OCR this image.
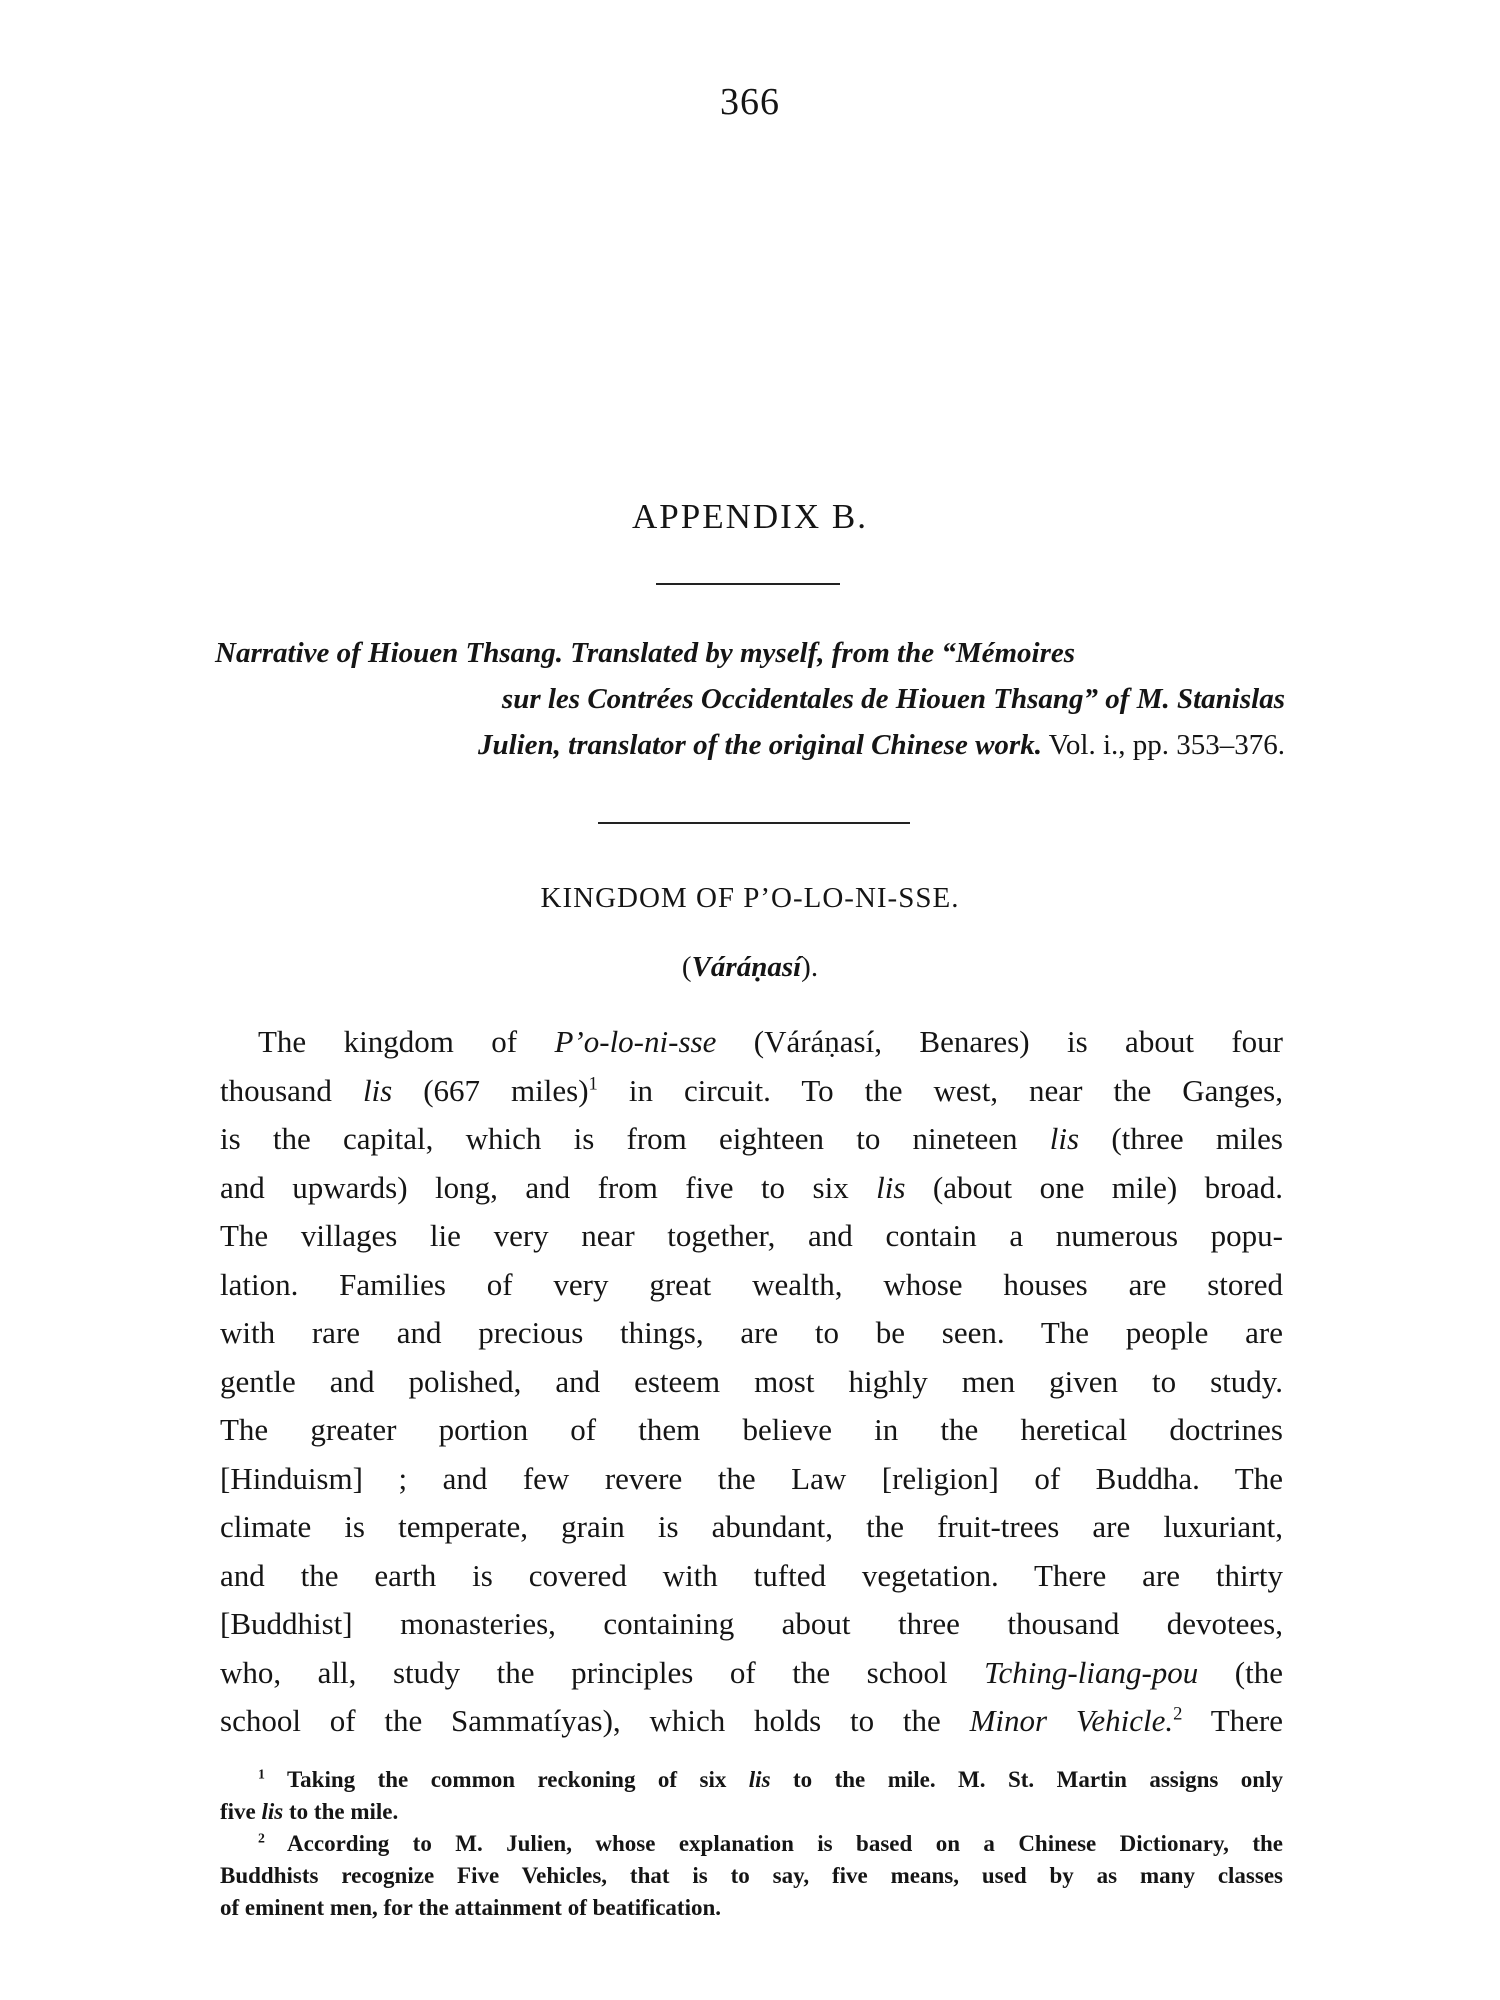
366
APPENDIX B.
Narrative of Hiouen Thsang. Translated by myself, from the “Mémoires
sur les Contrées Occidentales de Hiouen Thsang” of M. Stanislas
Julien, translator of the original Chinese work. Vol. i., pp. 353–376.
KINGDOM OF P’O-LO-NI-SSE.
(Váráṇasí).
The kingdom of P’o-lo-ni-sse (Váráṇasí, Benares) is about four
thousand lis (667 miles)$^1$ in circuit. To the west, near the Ganges,
is the capital, which is from eighteen to nineteen lis (three miles
and upwards) long, and from five to six lis (about one mile) broad.
The villages lie very near together, and contain a numerous popu-
lation. Families of very great wealth, whose houses are stored
with rare and precious things, are to be seen. The people are
gentle and polished, and esteem most highly men given to study.
The greater portion of them believe in the heretical doctrines
[Hinduism] ; and few revere the Law [religion] of Buddha. The
climate is temperate, grain is abundant, the fruit-trees are luxuriant,
and the earth is covered with tufted vegetation. There are thirty
[Buddhist] monasteries, containing about three thousand devotees,
who, all, study the principles of the school Tching-liang-pou (the
school of the Sammatíyas), which holds to the Minor Vehicle.$^2$ There
$^1$ Taking the common reckoning of six lis to the mile. M. St. Martin assigns only
five lis to the mile.
$^2$ According to M. Julien, whose explanation is based on a Chinese Dictionary, the
Buddhists recognize Five Vehicles, that is to say, five means, used by as many classes
of eminent men, for the attainment of beatification.
